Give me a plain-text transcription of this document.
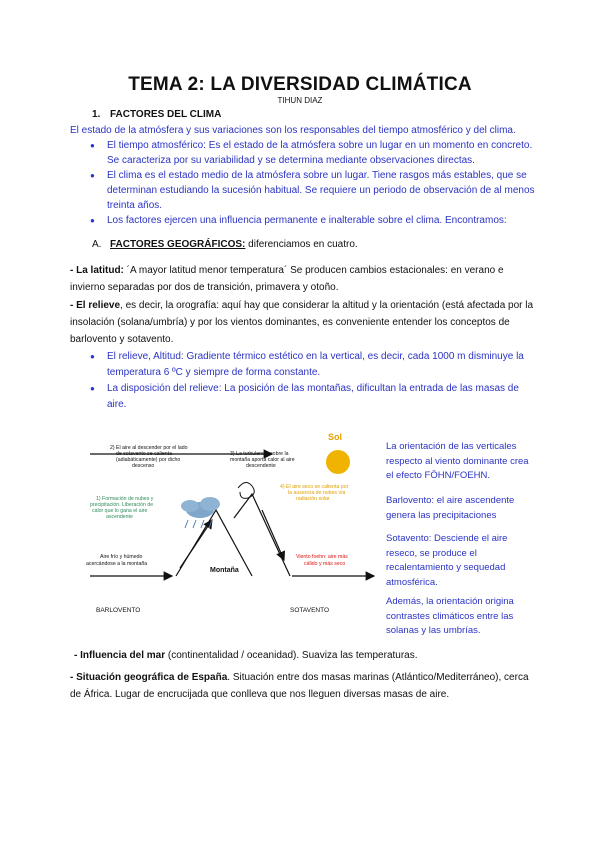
TEMA 2: LA DIVERSIDAD CLIMÁTICA
TIHUN DIAZ
1. FACTORES DEL CLIMA
El estado de la atmósfera y sus variaciones son los responsables del tiempo atmosférico y del clima.
● El tiempo atmosférico: Es el estado de la atmósfera sobre un lugar en un momento en concreto. Se caracteriza por su variabilidad y se determina mediante observaciones directas.
● El clima es el estado medio de la atmósfera sobre un lugar. Tiene rasgos más estables, que se determinan estudiando la sucesión habitual. Se requiere un periodo de observación de al menos treinta años.
● Los factores ejercen una influencia permanente e inalterable sobre el clima. Encontramos:
A. FACTORES GEOGRÁFICOS: diferenciamos en cuatro.
- La latitud: ´A mayor latitud menor temperatura´ Se producen cambios estacionales: en verano e invierno separadas por dos de transición, primavera y otoño.
- El relieve, es decir, la orografía: aquí hay que considerar la altitud y la orientación (está afectada por la insolación (solana/umbría) y por los vientos dominantes, es conveniente entender los conceptos de barlovento y sotavento.
● El relieve, Altitud: Gradiente térmico estético en la vertical, es decir, cada 1000 m disminuye la temperatura 6 ºC y siempre de forma constante.
● La disposición del relieve: La posición de las montañas, dificultan la entrada de las masas de aire.
Sol
2) El aire al descender por el lado de sotavento se calienta (adiabáticamente) por dicho descenso
3) La turbulencia sobre la montaña aporta calor al aire descendente
1) Formación de nubes y precipitación. Liberación de calor que lo gana el aire ascendente
4) El aire seco se calienta por la ausencia de nubes vía radiación solar
Aire frío y húmedo acercándose a la montaña
Viento foehn: aire más cálido y más seco
Montaña
BARLOVENTO	SOTAVENTO
La orientación de las verticales respecto al viento dominante crea el efecto FÖHN/FOEHN.
Barlovento: el aire ascendente genera las precipitaciones
Sotavento: Desciende el aire reseco, se produce el recalentamiento y sequedad atmosférica.
Además, la orientación origina contrastes climáticos entre las solanas y las umbrías.
- Influencia del mar (continentalidad / oceanidad). Suaviza las temperaturas.
- Situación geográfica de España. Situación entre dos masas marinas (Atlántico/Mediterráneo), cerca de África. Lugar de encrucijada que conlleva que nos lleguen diversas masas de aire.
